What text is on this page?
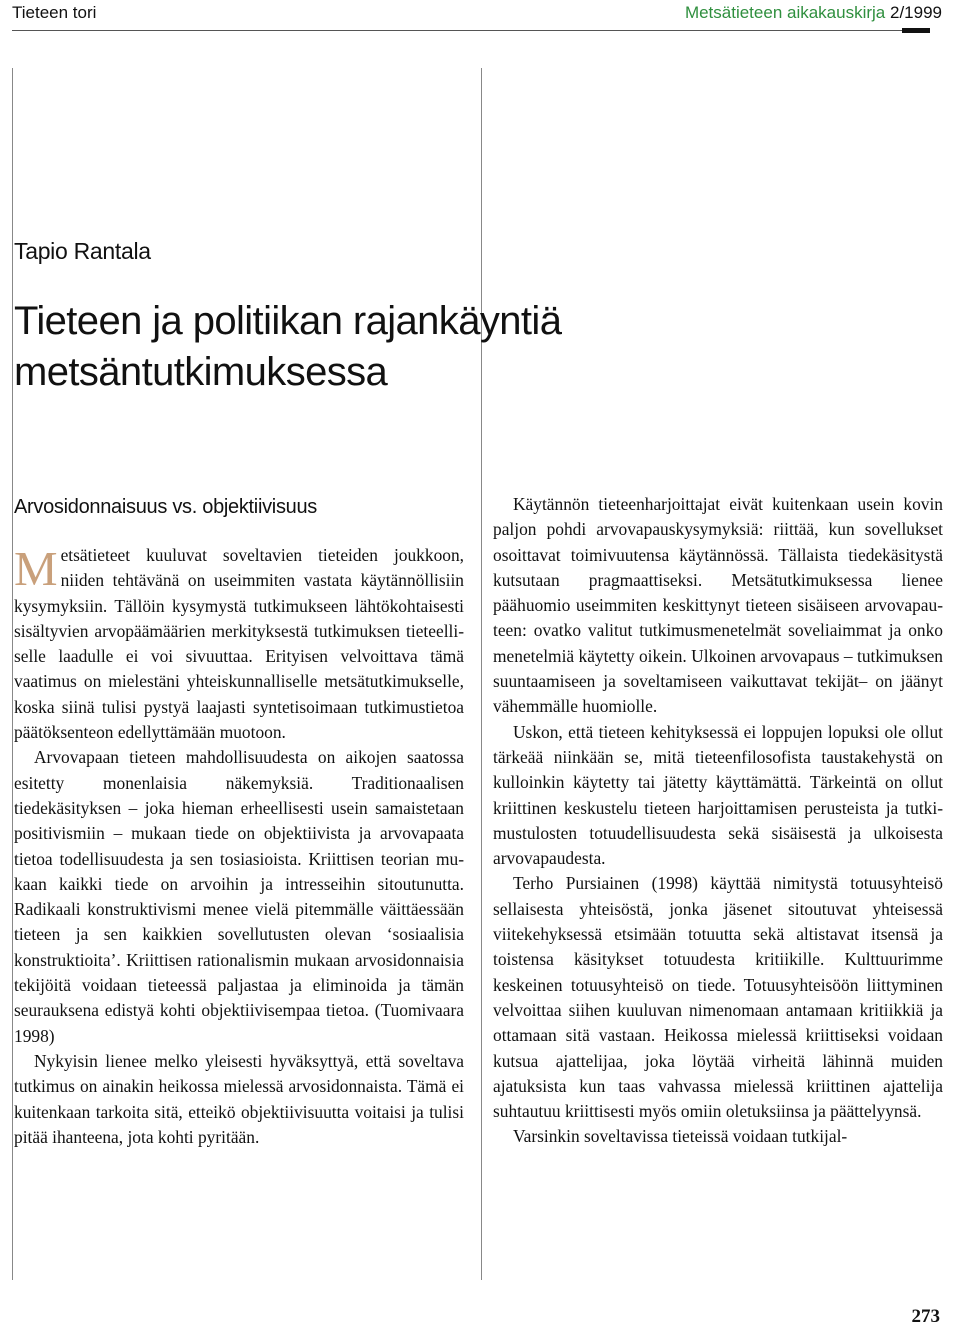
Tieteen tori	Metsätieteen aikakauskirja 2/1999
Tapio Rantala
Tieteen ja politiikan rajankäyntiä
metsäntutkimuksessa
Arvosidonnaisuus vs. objektiivisuus

Metsätieteet kuuluvat soveltavien tieteiden joukkoon, niiden tehtävänä on useimmiten vastata käytännöllisiin kysymyksiin. Tällöin kysymystä tutkimukseen lähtökohtaisesti sisältyvien arvopäämäärien merkityksestä tutkimuksen tieteelliselle laadulle ei voi sivuuttaa. Erityisen velvoittava tämä vaatimus on mielestäni yhteiskunnalliselle metsätutkimukselle, koska siinä tulisi pystyä laajasti syntetisoimaan tutkimustietoa päätöksenteon edellyttämään muotoon.

Arvovapaan tieteen mahdollisuudesta on aikojen saatossa esitetty monenlaisia näkemyksiä. Traditionaalisen tiedekäsityksen – joka hieman erheellisesti usein samaistetaan positivismiin – mukaan tiede on objektiivista ja arvovapaata tietoa todellisuudesta ja sen tosiasioista. Kriittisen teorian mukaan kaikki tiede on arvoihin ja intresseihin sitoutunutta. Radikaali konstruktivismi menee vielä pitemmälle väittäessään tieteen ja sen kaikkien sovellutusten olevan ‘sosiaalisia konstruktioita’. Kriittisen rationalismin mukaan arvosidonnaisia tekijöitä voidaan tieteessä paljastaa ja eliminoida ja tämän seurauksena edistyä kohti objektiivisempaa tietoa. (Tuomivaara 1998)

Nykyisin lienee melko yleisesti hyväksyttyä, että soveltava tutkimus on ainakin heikossa mielessä arvosidonnaista. Tämä ei kuitenkaan tarkoita sitä, etteikö objektiivisuutta voitaisi ja tulisi pitää ihanteena, jota kohti pyritään.

Käytännön tieteenharjoittajat eivät kuitenkaan usein kovin paljon pohdi arvovapauskysymyksiä: riittää, kun sovellukset osoittavat toimivuutensa käytännössä. Tällaista tiedekäsitystä kutsutaan pragmaattiseksi. Metsätutkimuksessa lienee päähuomio useimmiten keskittynyt tieteen sisäiseen arvovapauteen: ovatko valitut tutkimusmenetelmät soveliaimmat ja onko menetelmiä käytetty oikein. Ulkoinen arvovapaus – tutkimuksen suuntaamiseen ja soveltamiseen vaikuttavat tekijät– on jäänyt vähemmälle huomiolle.

Uskon, että tieteen kehityksessä ei loppujen lopuksi ole ollut tärkeää niinkään se, mitä tieteenfilosofista taustakehystä on kulloinkin käytetty tai jätetty käyttämättä. Tärkeintä on ollut kriittinen keskustelu tieteen harjoittamisen perusteista ja tutkimustulosten totuudellisuudesta sekä sisäisestä ja ulkoisesta arvovapaudesta.

Terho Pursiainen (1998) käyttää nimitystä totuusyhteisö sellaisesta yhteisöstä, jonka jäsenet sitoutuvat yhteisessä viitekehyksessä etsimään totuutta sekä altistavat itsensä ja toistensa käsitykset totuudesta kritiikille. Kulttuurimme keskeinen totuusyhteisö on tiede. Totuusyhteisöön liittyminen velvoittaa siihen kuuluvan nimenomaan antamaan kritiikkiä ja ottamaan sitä vastaan. Heikossa mielessä kriittiseksi voidaan kutsua ajattelijaa, joka löytää virheitä lähinnä muiden ajatuksista kun taas vahvassa mielessä kriittinen ajattelija suhtautuu kriittisesti myös omiin oletuksiinsa ja päättelyynsä.

Varsinkin soveltavissa tieteissä voidaan tutkijal-

273
